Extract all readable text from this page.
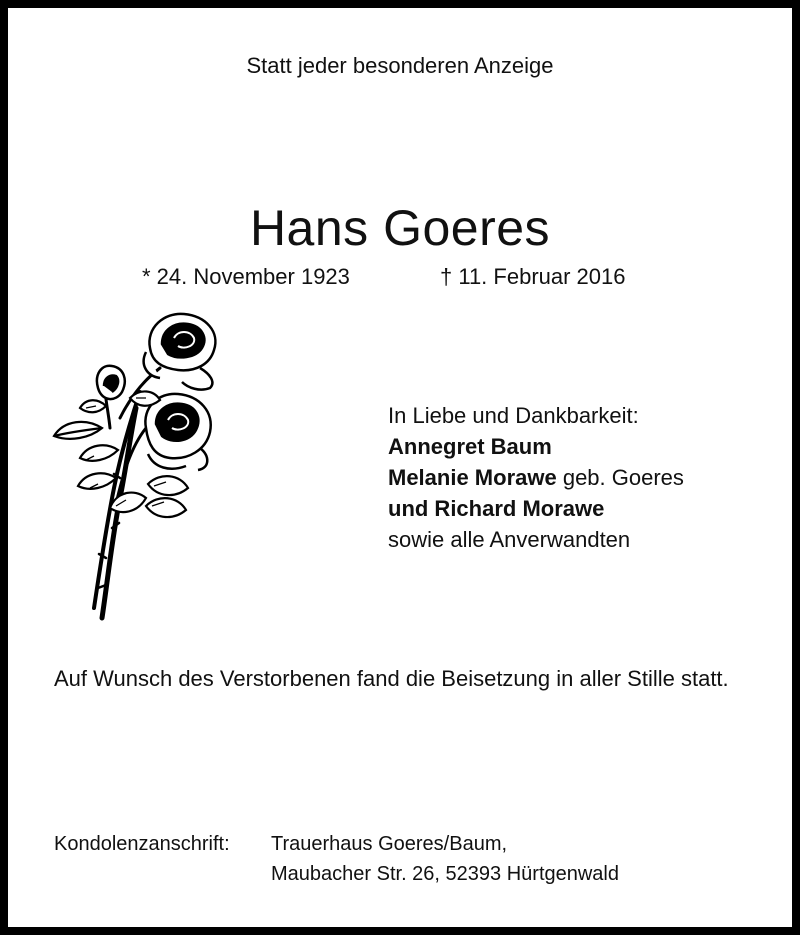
Statt jeder besonderen Anzeige
Hans Goeres
* 24. November 1923	† 11. Februar 2016
In Liebe und Dankbarkeit:
Annegret Baum
Melanie Morawe geb. Goeres
und Richard Morawe
sowie alle Anverwandten
Auf Wunsch des Verstorbenen fand die Beisetzung in aller Stille statt.
Kondolenzanschrift: Trauerhaus Goeres/Baum,
Maubacher Str. 26, 52393 Hürtgenwald
